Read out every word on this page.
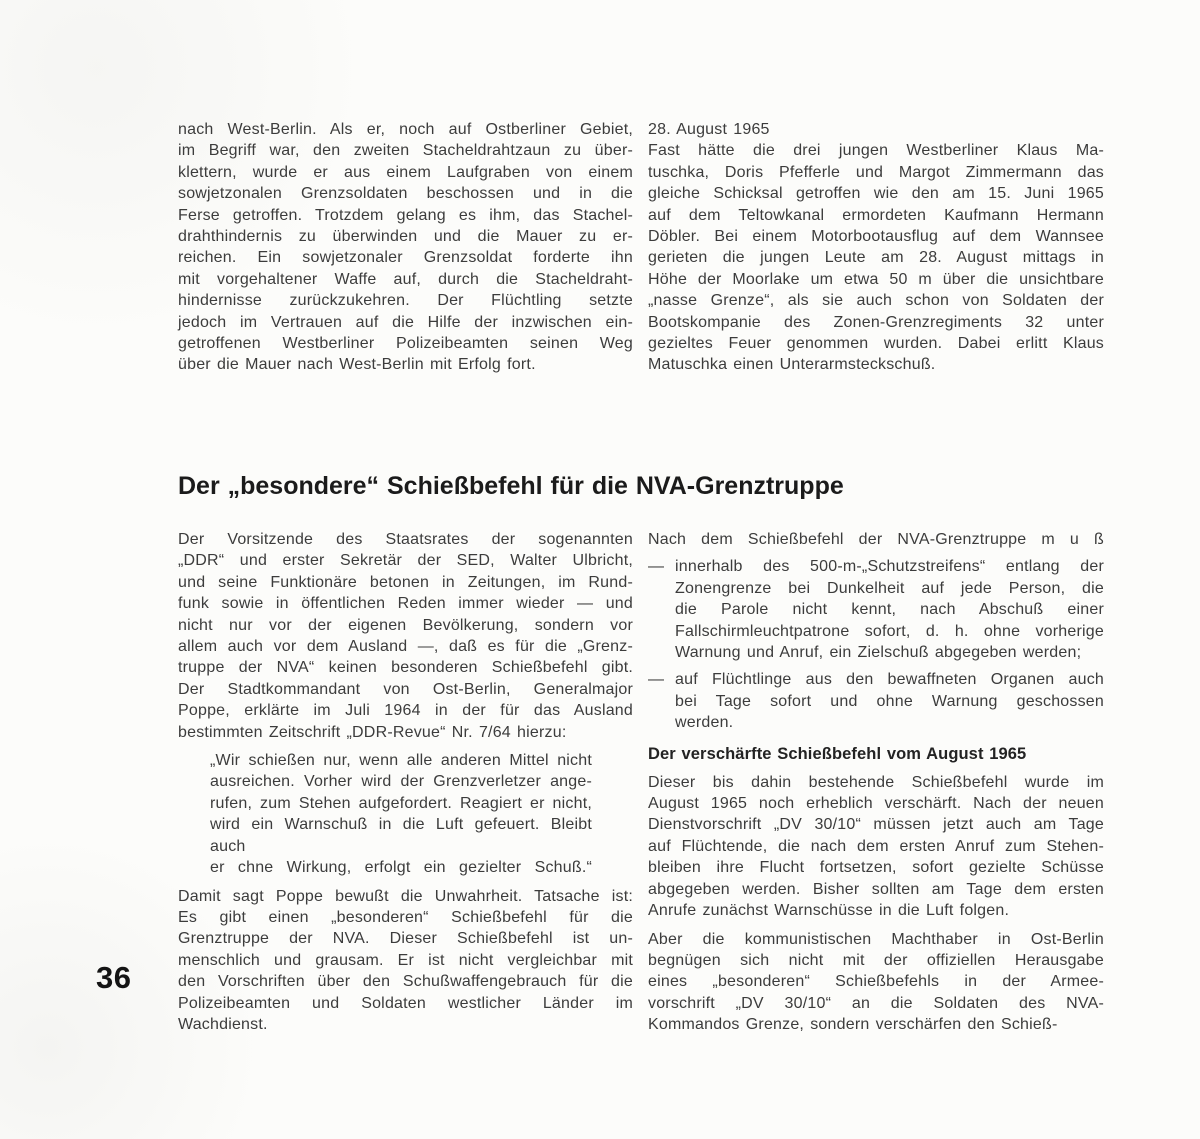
nach West-Berlin. Als er, noch auf Ostberliner Gebiet,
im Begriff war, den zweiten Stacheldrahtzaun zu über-
klettern, wurde er aus einem Laufgraben von einem
sowjetzonalen Grenzsoldaten beschossen und in die
Ferse getroffen. Trotzdem gelang es ihm, das Stachel-
drahthindernis zu überwinden und die Mauer zu er-
reichen. Ein sowjetzonaler Grenzsoldat forderte ihn
mit vorgehaltener Waffe auf, durch die Stacheldraht-
hindernisse zurückzukehren. Der Flüchtling setzte
jedoch im Vertrauen auf die Hilfe der inzwischen ein-
getroffenen Westberliner Polizeibeamten seinen Weg
über die Mauer nach West-Berlin mit Erfolg fort.
28. August 1965
Fast hätte die drei jungen Westberliner Klaus Ma-
tuschka, Doris Pfefferle und Margot Zimmermann das
gleiche Schicksal getroffen wie den am 15. Juni 1965
auf dem Teltowkanal ermordeten Kaufmann Hermann
Döbler. Bei einem Motorbootausflug auf dem Wannsee
gerieten die jungen Leute am 28. August mittags in
Höhe der Moorlake um etwa 50 m über die unsichtbare
„nasse Grenze“, als sie auch schon von Soldaten der
Bootskompanie des Zonen-Grenzregiments 32 unter
gezieltes Feuer genommen wurden. Dabei erlitt Klaus
Matuschka einen Unterarmsteckschuß.
Der „besondere“ Schießbefehl für die NVA-Grenztruppe
Der Vorsitzende des Staatsrates der sogenannten
„DDR“ und erster Sekretär der SED, Walter Ulbricht,
und seine Funktionäre betonen in Zeitungen, im Rund-
funk sowie in öffentlichen Reden immer wieder — und
nicht nur vor der eigenen Bevölkerung, sondern vor
allem auch vor dem Ausland —, daß es für die „Grenz-
truppe der NVA“ keinen besonderen Schießbefehl gibt.
Der Stadtkommandant von Ost-Berlin, Generalmajor
Poppe, erklärte im Juli 1964 in der für das Ausland
bestimmten Zeitschrift „DDR-Revue“ Nr. 7/64 hierzu:
„Wir schießen nur, wenn alle anderen Mittel nicht
ausreichen. Vorher wird der Grenzverletzer ange-
rufen, zum Stehen aufgefordert. Reagiert er nicht,
wird ein Warnschuß in die Luft gefeuert. Bleibt auch
er chne Wirkung, erfolgt ein gezielter Schuß.“
Damit sagt Poppe bewußt die Unwahrheit. Tatsache ist:
Es gibt einen „besonderen“ Schießbefehl für die
Grenztruppe der NVA. Dieser Schießbefehl ist un-
menschlich und grausam. Er ist nicht vergleichbar mit
den Vorschriften über den Schußwaffengebrauch für die
Polizeibeamten und Soldaten westlicher Länder im
Wachdienst.
Nach dem Schießbefehl der NVA-Grenztruppe m u ß
— innerhalb des 500-m-„Schutzstreifens“ entlang der
Zonengrenze bei Dunkelheit auf jede Person, die
die Parole nicht kennt, nach Abschuß einer
Fallschirmleuchtpatrone sofort, d. h. ohne vorherige
Warnung und Anruf, ein Zielschuß abgegeben werden;
— auf Flüchtlinge aus den bewaffneten Organen auch
bei Tage sofort und ohne Warnung geschossen
werden.
Der verschärfte Schießbefehl vom August 1965
Dieser bis dahin bestehende Schießbefehl wurde im
August 1965 noch erheblich verschärft. Nach der neuen
Dienstvorschrift „DV 30/10“ müssen jetzt auch am Tage
auf Flüchtende, die nach dem ersten Anruf zum Stehen-
bleiben ihre Flucht fortsetzen, sofort gezielte Schüsse
abgegeben werden. Bisher sollten am Tage dem ersten
Anrufe zunächst Warnschüsse in die Luft folgen.
Aber die kommunistischen Machthaber in Ost-Berlin
begnügen sich nicht mit der offiziellen Herausgabe
eines „besonderen“ Schießbefehls in der Armee-
vorschrift „DV 30/10“ an die Soldaten des NVA-
Kommandos Grenze, sondern verschärfen den Schieß-
36
